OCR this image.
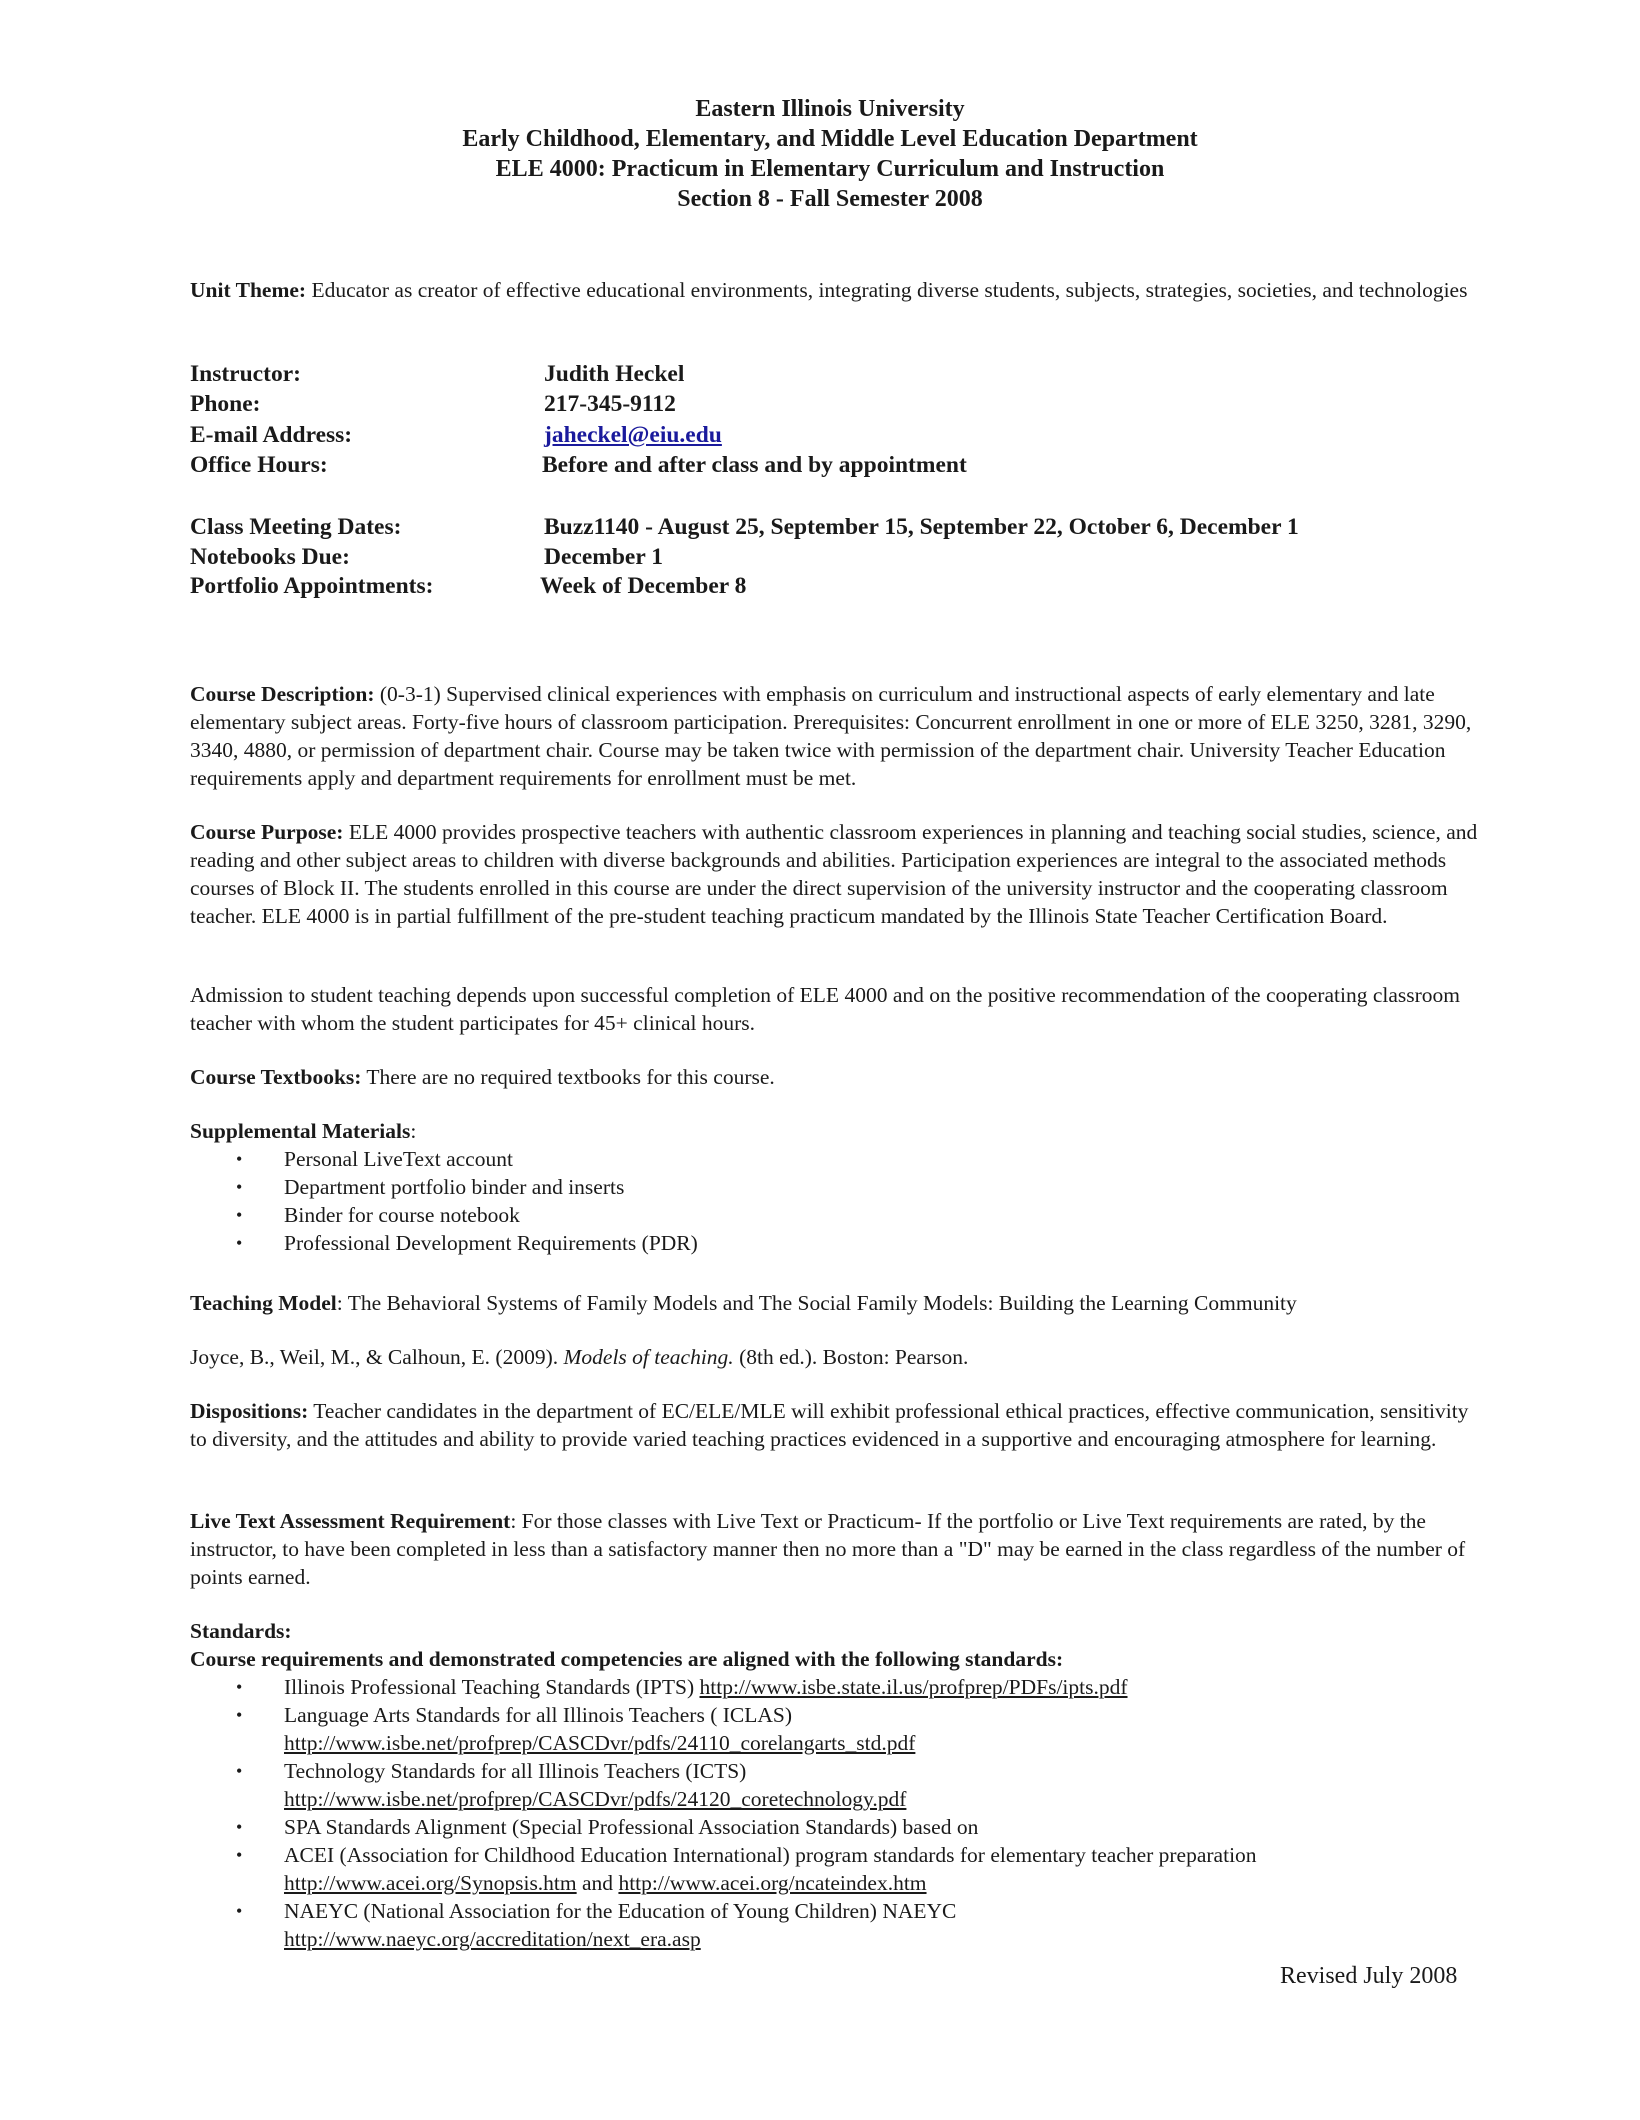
Eastern Illinois University
Early Childhood, Elementary, and Middle Level Education Department
ELE 4000: Practicum in Elementary Curriculum and Instruction
Section 8 - Fall Semester 2008
Unit Theme: Educator as creator of effective educational environments, integrating diverse students, subjects, strategies, societies, and technologies
Instructor:	Judith Heckel
Phone:	217-345-9112
E-mail Address:	jaheckel@eiu.edu
Office Hours:	Before and after class and by appointment
Class Meeting Dates:	Buzz1140 - August 25, September 15, September 22, October 6, December 1
Notebooks Due:	December 1
Portfolio Appointments:	Week of December 8
Course Description: (0-3-1) Supervised clinical experiences with emphasis on curriculum and instructional aspects of early elementary and late elementary subject areas. Forty-five hours of classroom participation. Prerequisites: Concurrent enrollment in one or more of ELE 3250, 3281, 3290, 3340, 4880, or permission of department chair. Course may be taken twice with permission of the department chair. University Teacher Education requirements apply and department requirements for enrollment must be met.
Course Purpose: ELE 4000 provides prospective teachers with authentic classroom experiences in planning and teaching social studies, science, and reading and other subject areas to children with diverse backgrounds and abilities. Participation experiences are integral to the associated methods courses of Block II. The students enrolled in this course are under the direct supervision of the university instructor and the cooperating classroom teacher. ELE 4000 is in partial fulfillment of the pre-student teaching practicum mandated by the Illinois State Teacher Certification Board.
Admission to student teaching depends upon successful completion of ELE 4000 and on the positive recommendation of the cooperating classroom teacher with whom the student participates for 45+ clinical hours.
Course Textbooks: There are no required textbooks for this course.
Supplemental Materials:
• Personal LiveText account
• Department portfolio binder and inserts
• Binder for course notebook
• Professional Development Requirements (PDR)
Teaching Model: The Behavioral Systems of Family Models and The Social Family Models: Building the Learning Community
Joyce, B., Weil, M., & Calhoun, E. (2009). Models of teaching. (8th ed.). Boston: Pearson.
Dispositions: Teacher candidates in the department of EC/ELE/MLE will exhibit professional ethical practices, effective communication, sensitivity to diversity, and the attitudes and ability to provide varied teaching practices evidenced in a supportive and encouraging atmosphere for learning.
Live Text Assessment Requirement: For those classes with Live Text or Practicum- If the portfolio or Live Text requirements are rated, by the instructor, to have been completed in less than a satisfactory manner then no more than a "D" may be earned in the class regardless of the number of points earned.
Standards:
Course requirements and demonstrated competencies are aligned with the following standards:
• Illinois Professional Teaching Standards (IPTS) http://www.isbe.state.il.us/profprep/PDFs/ipts.pdf
• Language Arts Standards for all Illinois Teachers ( ICLAS)
http://www.isbe.net/profprep/CASCDvr/pdfs/24110_corelangarts_std.pdf
• Technology Standards for all Illinois Teachers (ICTS)
http://www.isbe.net/profprep/CASCDvr/pdfs/24120_coretechnology.pdf
• SPA Standards Alignment (Special Professional Association Standards) based on
• ACEI (Association for Childhood Education International) program standards for elementary teacher preparation
http://www.acei.org/Synopsis.htm and http://www.acei.org/ncateindex.htm
• NAEYC (National Association for the Education of Young Children) NAEYC
http://www.naeyc.org/accreditation/next_era.asp
Revised July 2008
